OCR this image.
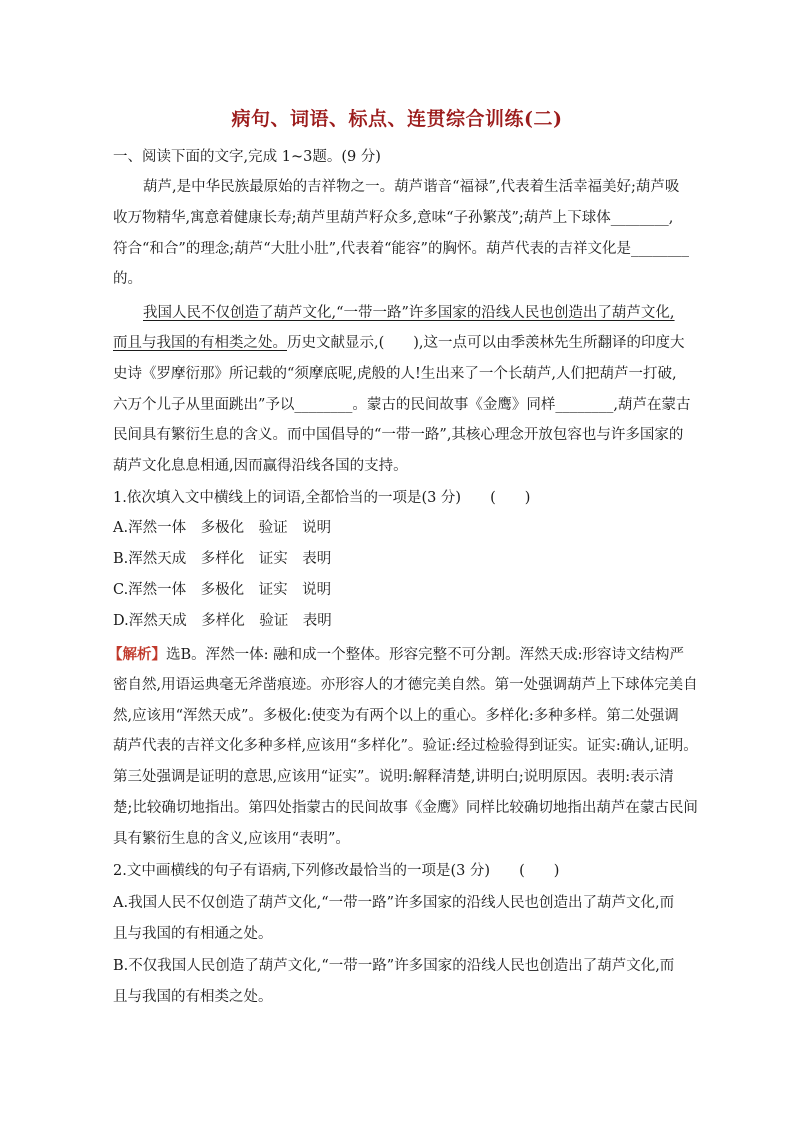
病句、词语、标点、连贯综合训练(二)
一、阅读下面的文字,完成 1~3题。(9 分)
葫芦,是中华民族最原始的吉祥物之一。葫芦谐音“福禄”,代表着生活幸福美好;葫芦吸
收万物精华,寓意着健康长寿;葫芦里葫芦籽众多,意味“子孙繁茂”;葫芦上下球体________,
符合“和合”的理念;葫芦“大肚小肚”,代表着“能容”的胸怀。葫芦代表的吉祥文化是________
的。
我国人民不仅创造了葫芦文化,“一带一路”许多国家的沿线人民也创造出了葫芦文化,
而且与我国的有相类之处。历史文献显示,(　　),这一点可以由季羡林先生所翻译的印度大
史诗《罗摩衍那》所记载的“须摩底呢,虎般的人!生出来了一个长葫芦,人们把葫芦一打破,
六万个儿子从里面跳出”予以________。蒙古的民间故事《金鹰》同样________,葫芦在蒙古
民间具有繁衍生息的含义。而中国倡导的“一带一路”,其核心理念开放包容也与许多国家的
葫芦文化息息相通,因而赢得沿线各国的支持。
1.依次填入文中横线上的词语,全都恰当的一项是(3 分)　　(　　)
A.浑然一体　多极化　验证　说明
B.浑然天成　多样化　证实　表明
C.浑然一体　多极化　证实　说明
D.浑然天成　多样化　验证　表明
【解析】选B。浑然一体: 融和成一个整体。形容完整不可分割。浑然天成:形容诗文结构严
密自然,用语运典毫无斧凿痕迹。亦形容人的才德完美自然。第一处强调葫芦上下球体完美自
然,应该用“浑然天成”。多极化:使变为有两个以上的重心。多样化:多种多样。第二处强调
葫芦代表的吉祥文化多种多样,应该用“多样化”。验证:经过检验得到证实。证实:确认,证明。
第三处强调是证明的意思,应该用“证实”。说明:解释清楚,讲明白;说明原因。表明:表示清
楚;比较确切地指出。第四处指蒙古的民间故事《金鹰》同样比较确切地指出葫芦在蒙古民间
具有繁衍生息的含义,应该用“表明”。
2.文中画横线的句子有语病,下列修改最恰当的一项是(3 分)　　(　　)
A.我国人民不仅创造了葫芦文化,“一带一路”许多国家的沿线人民也创造出了葫芦文化,而
且与我国的有相通之处。
B.不仅我国人民创造了葫芦文化,“一带一路”许多国家的沿线人民也创造出了葫芦文化,而
且与我国的有相类之处。
